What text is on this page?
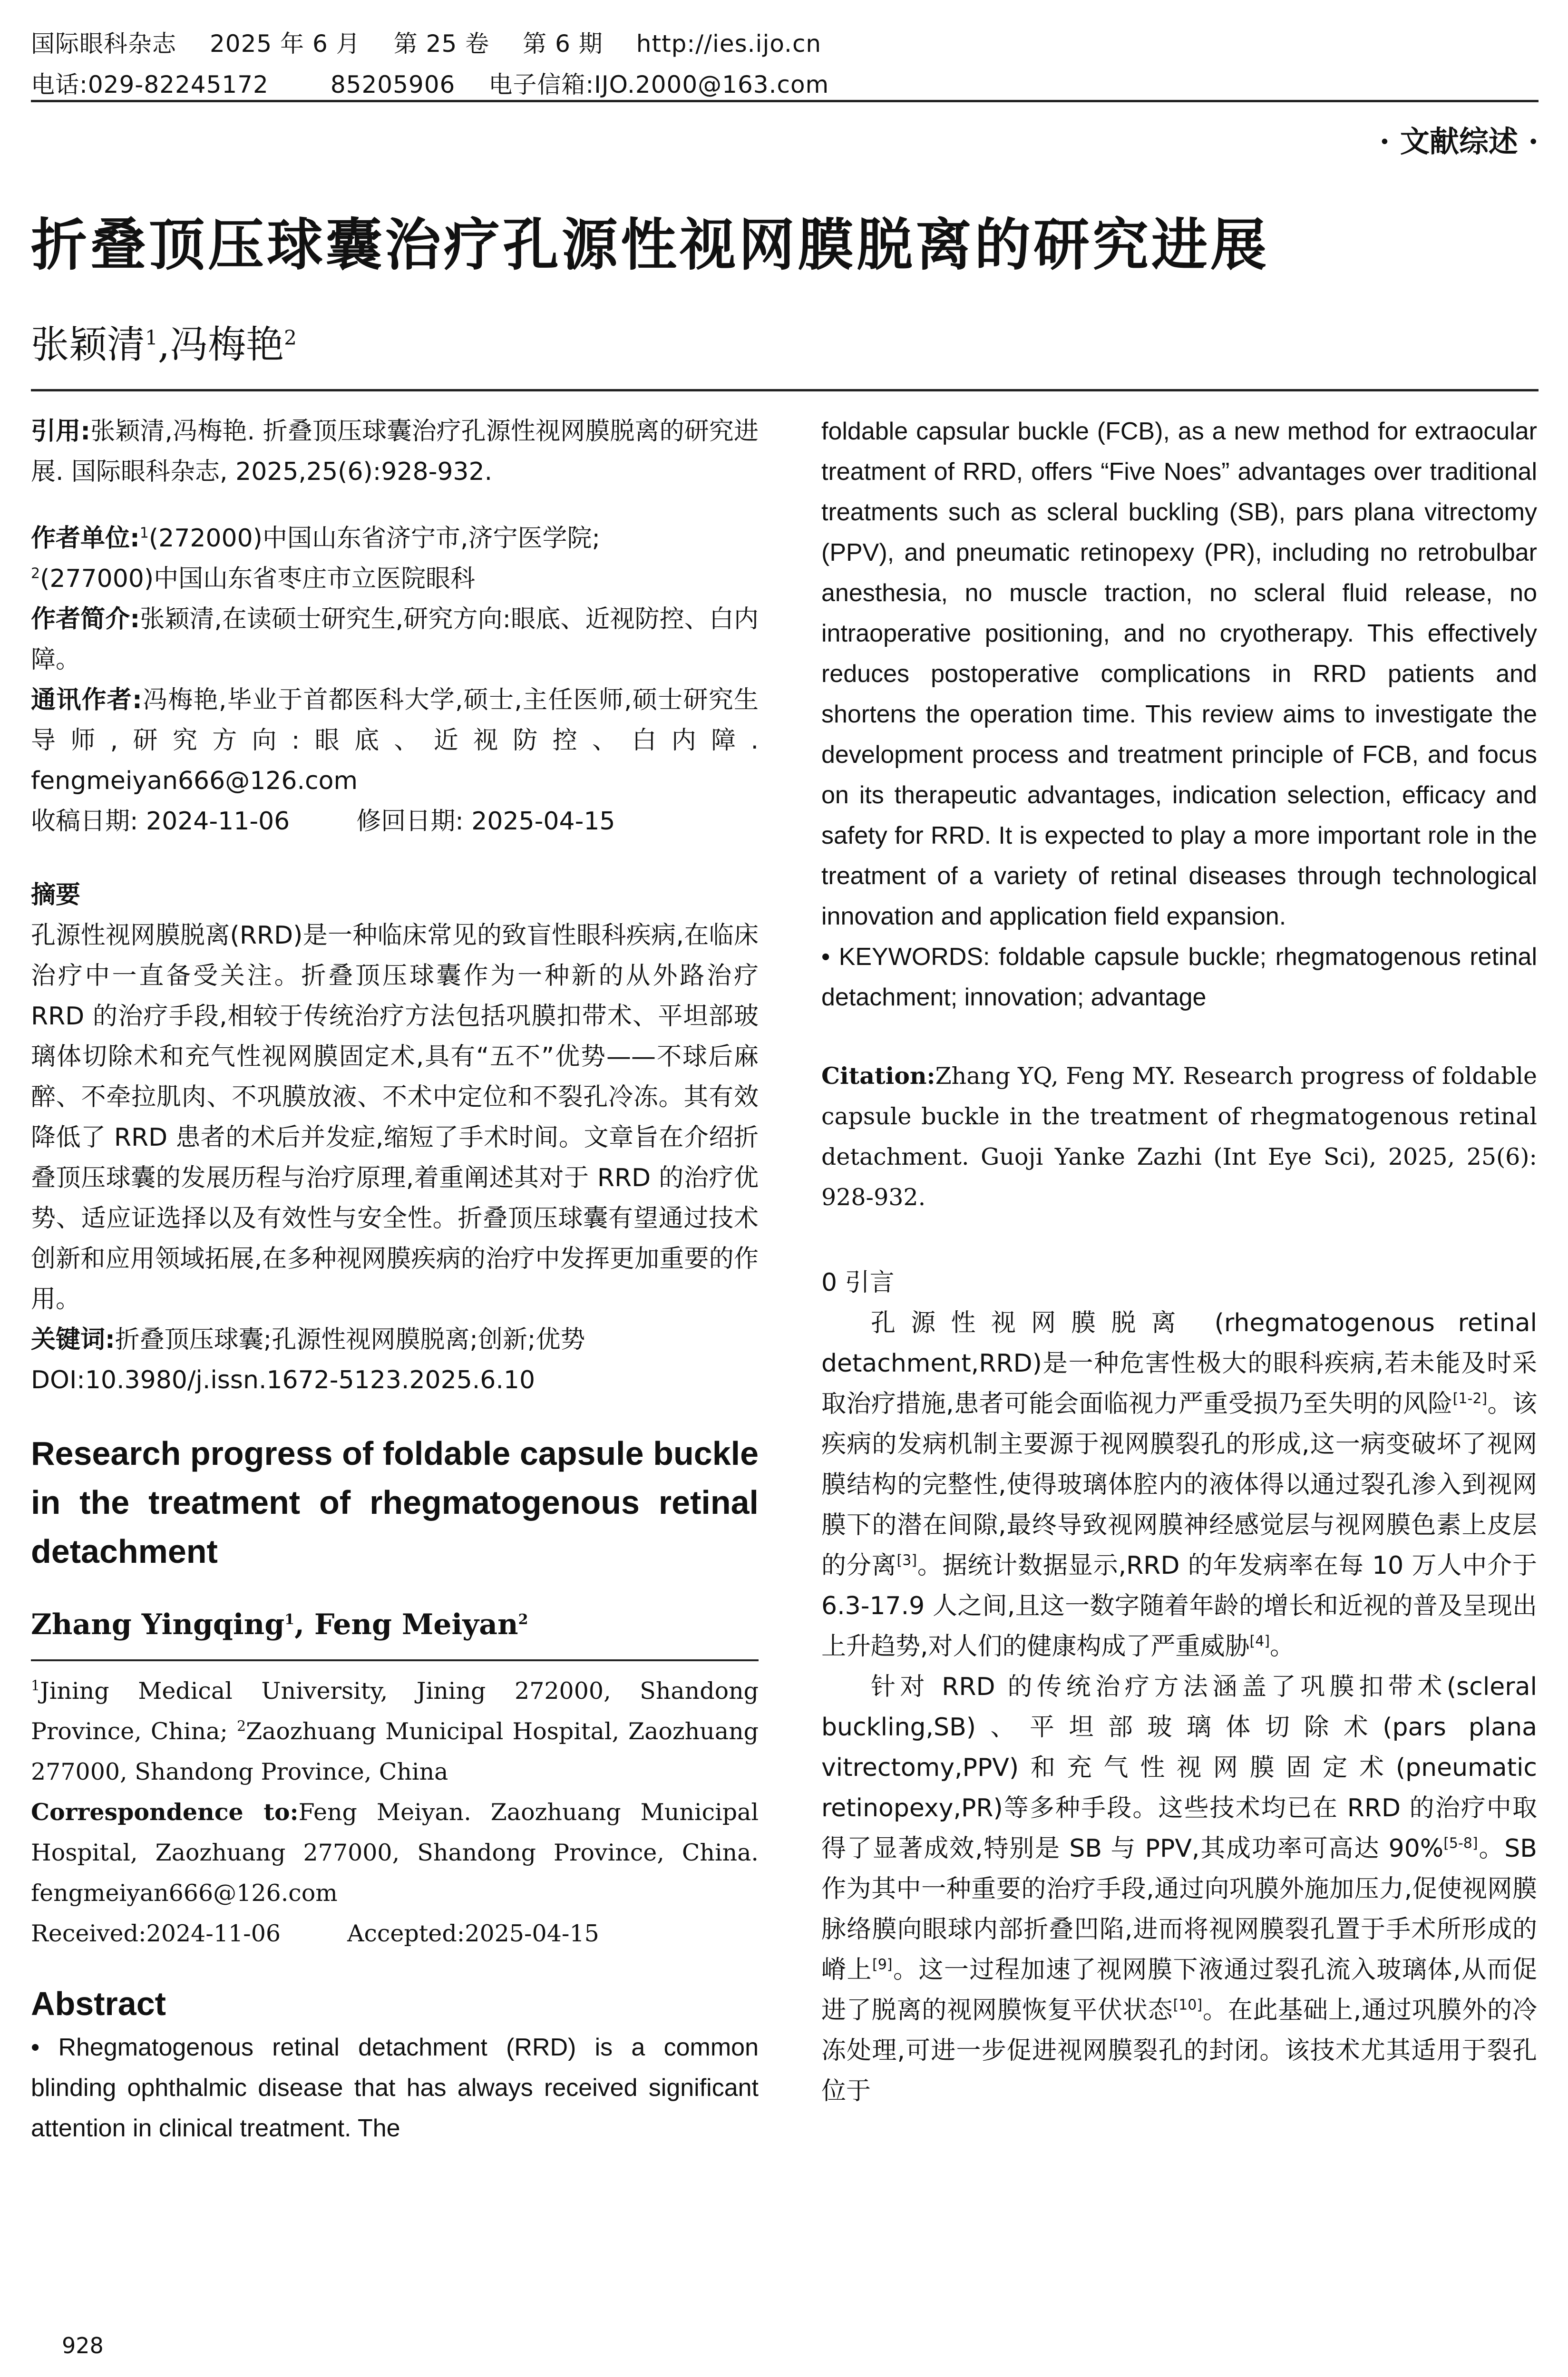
国际眼科杂志 2025 年 6 月 第 25 卷 第 6 期 http://ies.ijo.cn
电话:029-82245172	85205906 电子信箱:IJO.2000@163.com
· 文献综述 ·
折叠顶压球囊治疗孔源性视网膜脱离的研究进展
张颖清$^1$,冯梅艳$^2$

引用:张颖清,冯梅艳. 折叠顶压球囊治疗孔源性视网膜脱离的研究进展. 国际眼科杂志, 2025,25(6):928-932.

作者单位:$^1$(272000)中国山东省济宁市,济宁医学院;
$^2$(277000)中国山东省枣庄市立医院眼科

作者简介:张颖清,在读硕士研究生,研究方向:眼底、近视防控、白内障。

通讯作者:冯梅艳,毕业于首都医科大学,硕士,主任医师,硕士研究生导师,研究方向:眼底、近视防控、白内障. fengmeiyan666@126.com

收稿日期: 2024-11-06	修回日期: 2025-04-15

摘要

孔源性视网膜脱离(RRD)是一种临床常见的致盲性眼科疾病,在临床治疗中一直备受关注。折叠顶压球囊作为一种新的从外路治疗 RRD 的治疗手段,相较于传统治疗方法包括巩膜扣带术、平坦部玻璃体切除术和充气性视网膜固定术,具有“五不”优势——不球后麻醉、不牵拉肌肉、不巩膜放液、不术中定位和不裂孔冷冻。其有效降低了 RRD 患者的术后并发症,缩短了手术时间。文章旨在介绍折叠顶压球囊的发展历程与治疗原理,着重阐述其对于 RRD 的治疗优势、适应证选择以及有效性与安全性。折叠顶压球囊有望通过技术创新和应用领域拓展,在多种视网膜疾病的治疗中发挥更加重要的作用。

关键词:折叠顶压球囊;孔源性视网膜脱离;创新;优势

DOI:10.3980/j.issn.1672-5123.2025.6.10

Research progress of foldable capsule buckle in the treatment of rhegmatogenous retinal detachment

Zhang Yingqing$^1$, Feng Meiyan$^2$

$^1$Jining Medical University, Jining 272000, Shandong Province, China; $^2$Zaozhuang Municipal Hospital, Zaozhuang 277000, Shandong Province, China

Correspondence to:Feng Meiyan. Zaozhuang Municipal Hospital, Zaozhuang 277000, Shandong Province, China. fengmeiyan666@126.com

Received:2024-11-06	Accepted:2025-04-15

Abstract

• Rhegmatogenous retinal detachment (RRD) is a common blinding ophthalmic disease that has always received significant attention in clinical treatment. The

foldable capsular buckle (FCB), as a new method for extraocular treatment of RRD, offers “Five Noes” advantages over traditional treatments such as scleral buckling (SB), pars plana vitrectomy (PPV), and pneumatic retinopexy (PR), including no retrobulbar anesthesia, no muscle traction, no scleral fluid release, no intraoperative positioning, and no cryotherapy. This effectively reduces postoperative complications in RRD patients and shortens the operation time. This review aims to investigate the development process and treatment principle of FCB, and focus on its therapeutic advantages, indication selection, efficacy and safety for RRD. It is expected to play a more important role in the treatment of a variety of retinal diseases through technological innovation and application field expansion.

• KEYWORDS: foldable capsule buckle; rhegmatogenous retinal detachment; innovation; advantage

Citation:Zhang YQ, Feng MY. Research progress of foldable capsule buckle in the treatment of rhegmatogenous retinal detachment. Guoji Yanke Zazhi (Int Eye Sci), 2025, 25(6): 928-932.

0 引言

孔源性视网膜脱离 (rhegmatogenous retinal detachment,RRD)是一种危害性极大的眼科疾病,若未能及时采取治疗措施,患者可能会面临视力严重受损乃至失明的风险[1-2]。该疾病的发病机制主要源于视网膜裂孔的形成,这一病变破坏了视网膜结构的完整性,使得玻璃体腔内的液体得以通过裂孔渗入到视网膜下的潜在间隙,最终导致视网膜神经感觉层与视网膜色素上皮层的分离[3]。据统计数据显示,RRD 的年发病率在每 10 万人中介于6.3-17.9 人之间,且这一数字随着年龄的增长和近视的普及呈现出上升趋势,对人们的健康构成了严重威胁[4]。

针对 RRD 的传统治疗方法涵盖了巩膜扣带术(scleral buckling,SB)、平坦部玻璃体切除术(pars plana vitrectomy,PPV)和充气性视网膜固定术(pneumatic retinopexy,PR)等多种手段。这些技术均已在 RRD 的治疗中取得了显著成效,特别是 SB 与 PPV,其成功率可高达 90%[5-8]。SB 作为其中一种重要的治疗手段,通过向巩膜外施加压力,促使视网膜脉络膜向眼球内部折叠凹陷,进而将视网膜裂孔置于手术所形成的嵴上[9]。这一过程加速了视网膜下液通过裂孔流入玻璃体,从而促进了脱离的视网膜恢复平伏状态[10]。在此基础上,通过巩膜外的冷冻处理,可进一步促进视网膜裂孔的封闭。该技术尤其适用于裂孔位于

928
